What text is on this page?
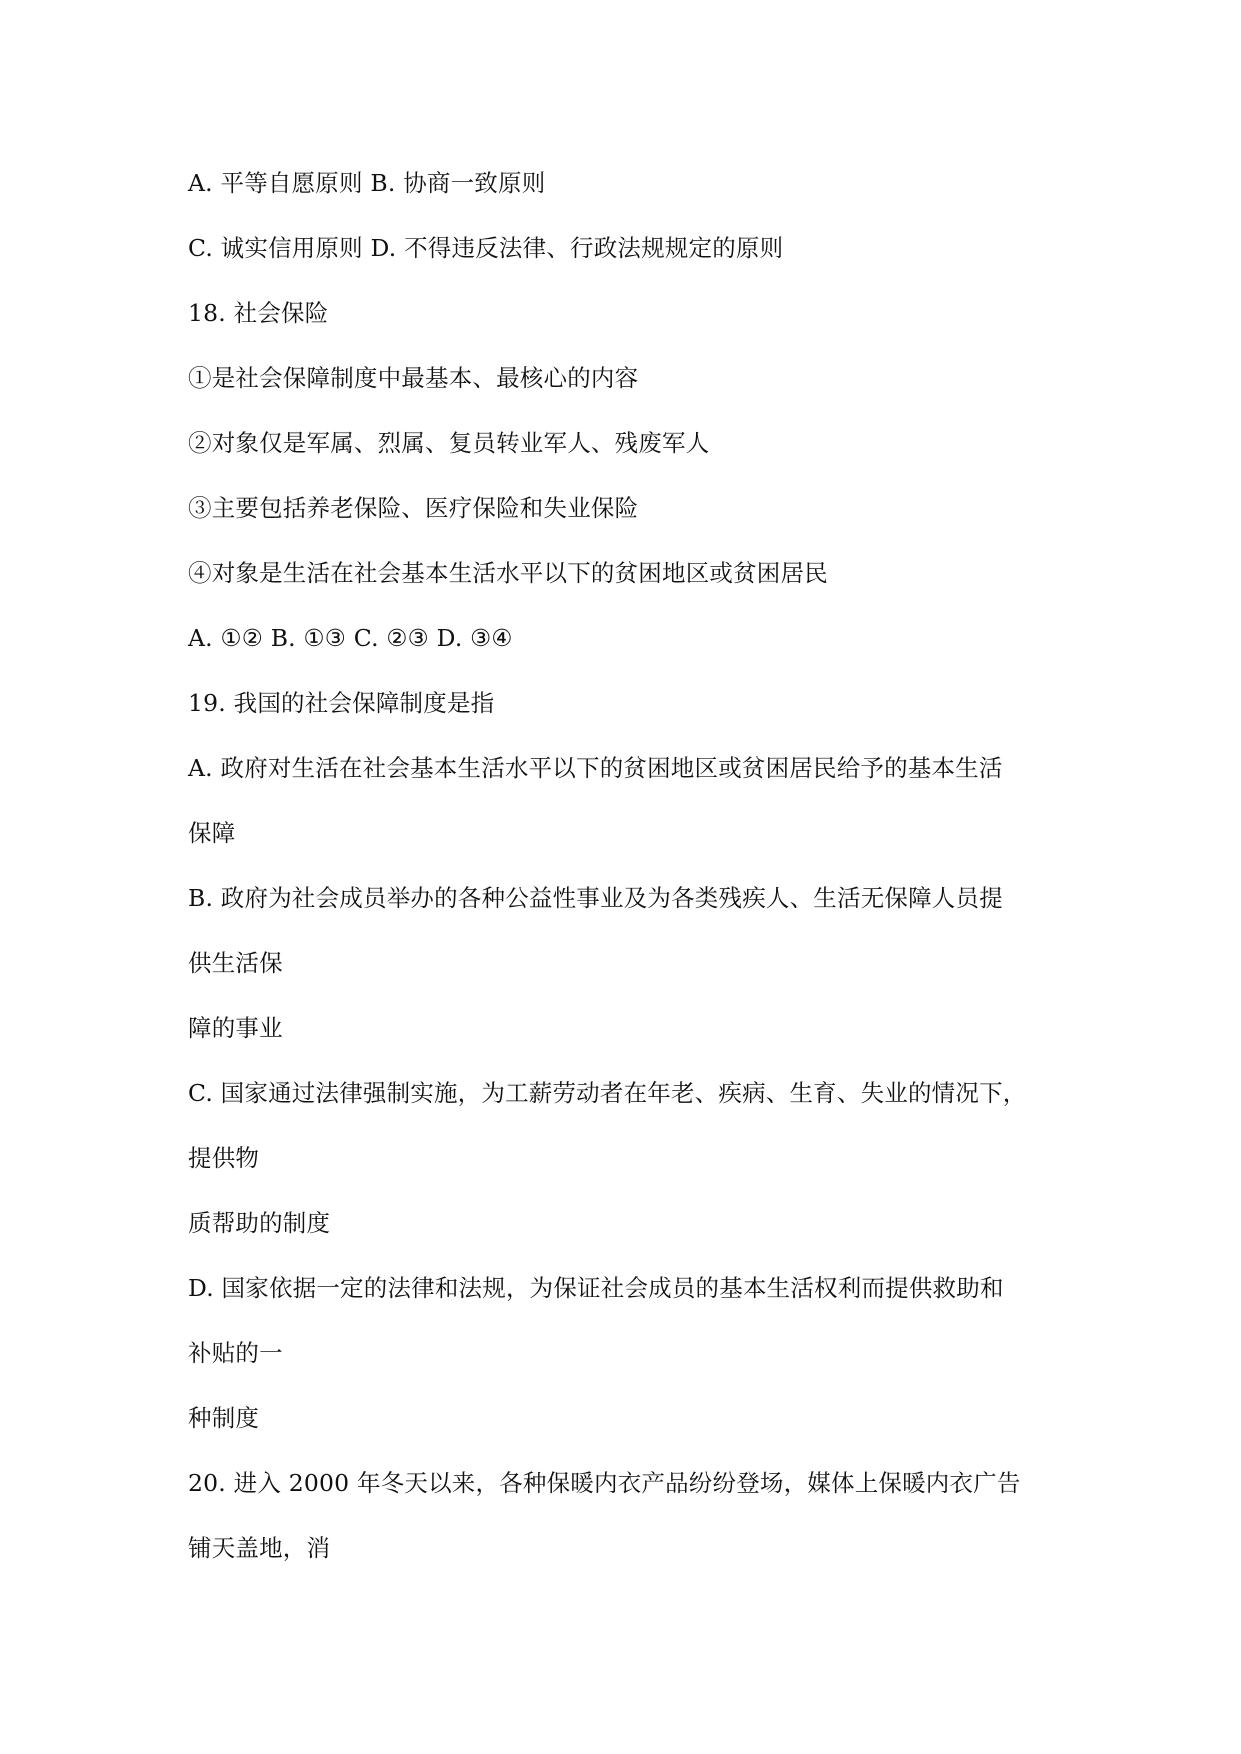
A. 平等自愿原则 B. 协商一致原则
C. 诚实信用原则 D. 不得违反法律、行政法规规定的原则
18. 社会保险
①是社会保障制度中最基本、最核心的内容
②对象仅是军属、烈属、复员转业军人、残废军人
③主要包括养老保险、医疗保险和失业保险
④对象是生活在社会基本生活水平以下的贫困地区或贫困居民
A. ①② B. ①③ C. ②③ D. ③④
19. 我国的社会保障制度是指
A. 政府对生活在社会基本生活水平以下的贫困地区或贫困居民给予的基本生活
保障
B. 政府为社会成员举办的各种公益性事业及为各类残疾人、生活无保障人员提
供生活保
障的事业
C. 国家通过法律强制实施，为工薪劳动者在年老、疾病、生育、失业的情况下，
提供物
质帮助的制度
D. 国家依据一定的法律和法规，为保证社会成员的基本生活权利而提供救助和
补贴的一
种制度
20. 进入 2000 年冬天以来，各种保暖内衣产品纷纷登场，媒体上保暖内衣广告
铺天盖地，消
